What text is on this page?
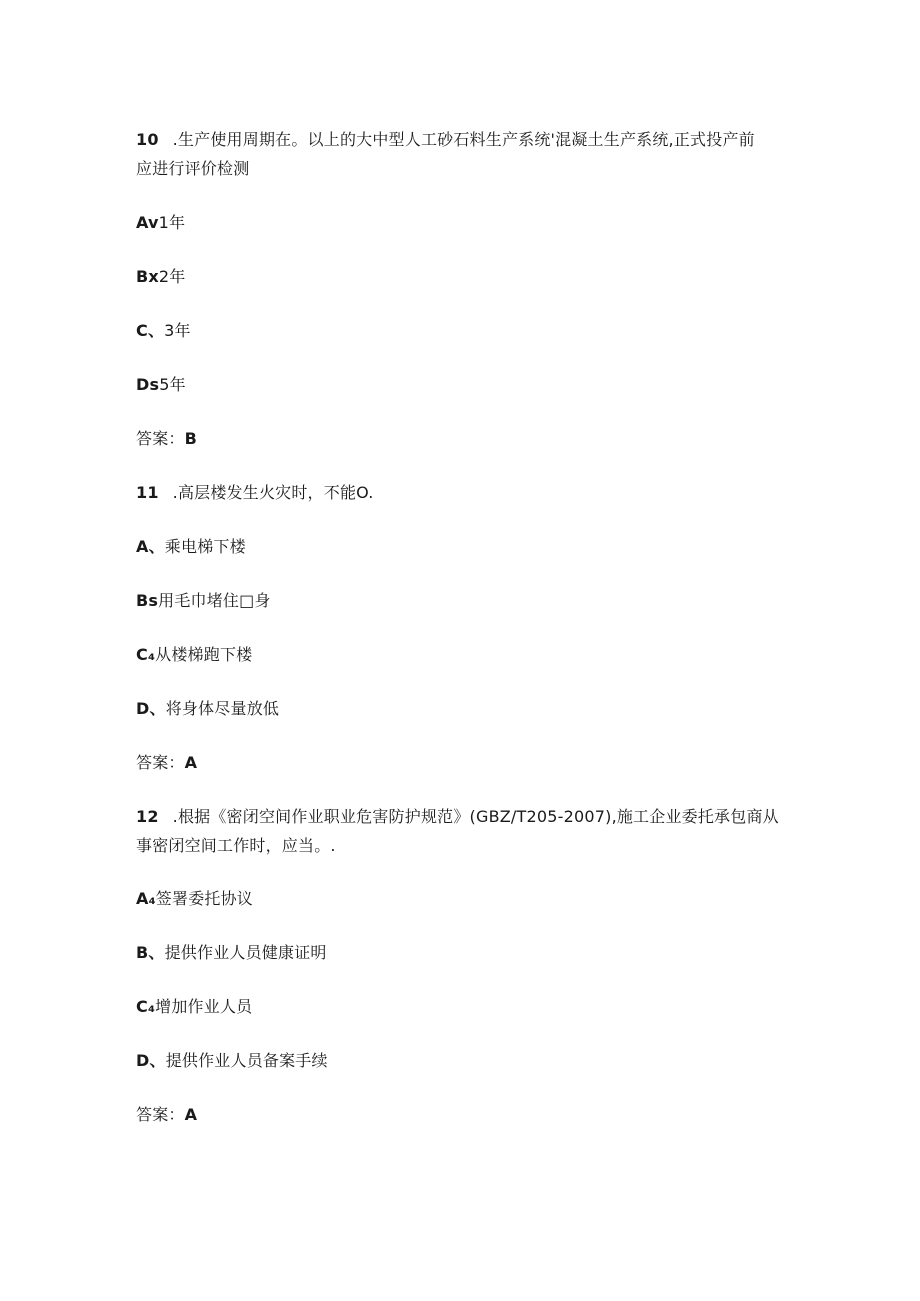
10 .生产使用周期在。以上的大中型人工砂石料生产系统'混凝土生产系统,正式投产前
应进行评价检测
Av1年
Bx2年
C、3年
Ds5年
答案：B
11 .高层楼发生火灾时，不能O.
A、乘电梯下楼
Bs用毛巾堵住□身
C₄从楼梯跑下楼
D、将身体尽量放低
答案：A
12 .根据《密闭空间作业职业危害防护规范》(GBZ/T205-2007),施工企业委托承包商从
事密闭空间工作时，应当。.
A₄签署委托协议
B、提供作业人员健康证明
C₄增加作业人员
D、提供作业人员备案手续
答案：A
